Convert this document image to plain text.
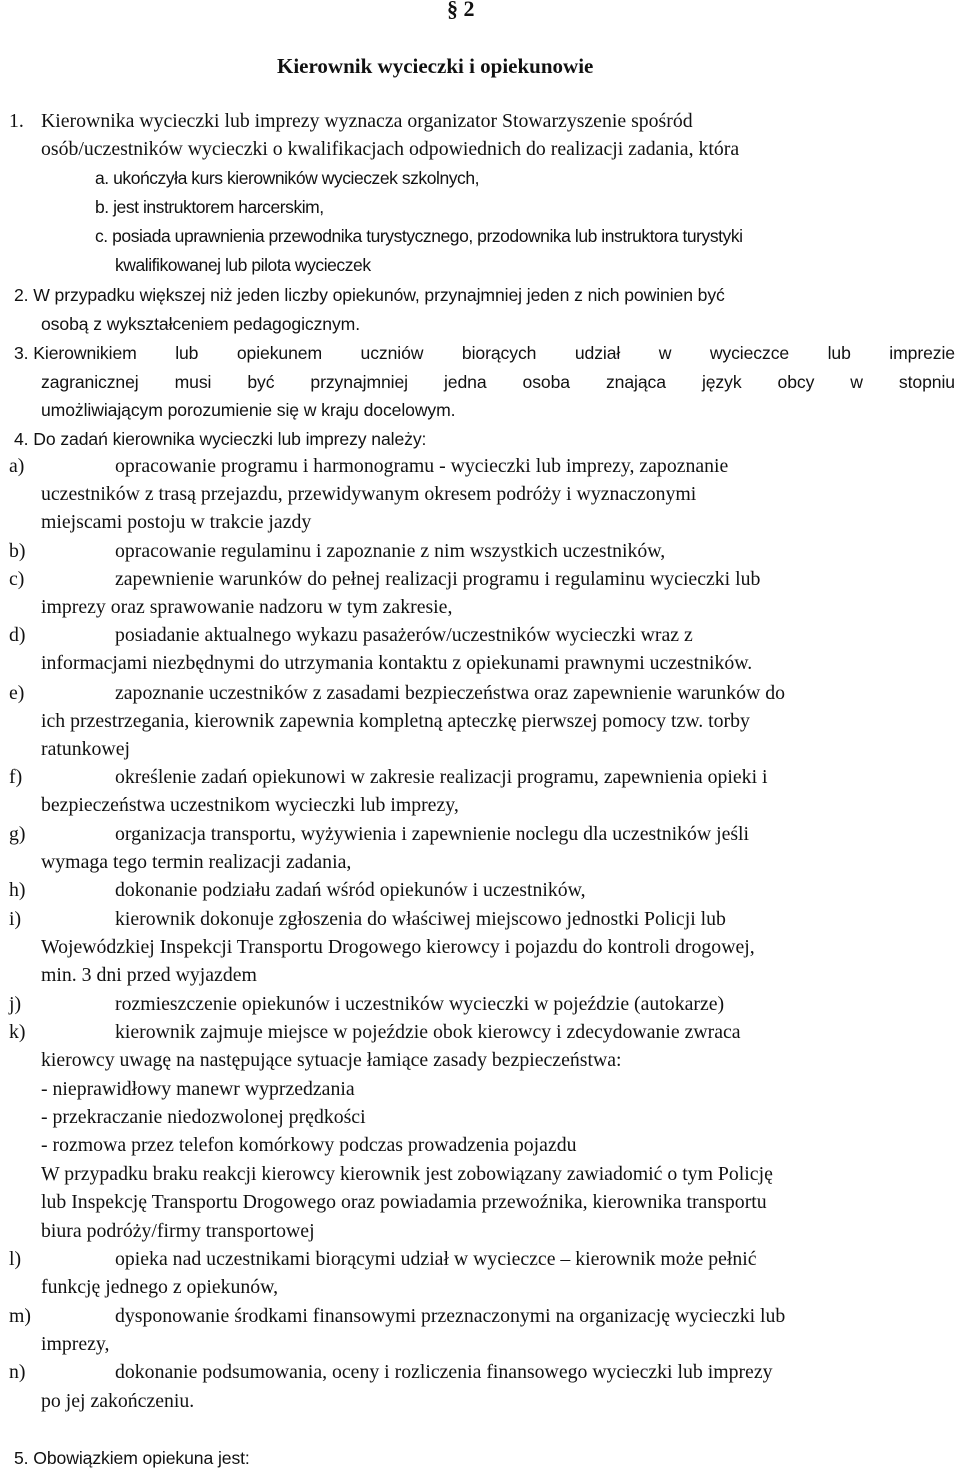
§ 2
Kierownik wycieczki i opiekunowie
1. Kierownika wycieczki lub imprezy wyznacza organizator Stowarzyszenie spośród
osób/uczestników wycieczki o kwalifikacjach odpowiednich do realizacji zadania, która
a. ukończyła kurs kierowników wycieczek szkolnych,
b. jest instruktorem harcerskim,
c. posiada uprawnienia przewodnika turystycznego, przodownika lub instruktora turystyki
kwalifikowanej lub pilota wycieczek
2. W przypadku większej niż jeden liczby opiekunów, przynajmniej jeden z nich powinien być
osobą z wykształceniem pedagogicznym.
3. Kierownikiem lub opiekunem uczniów biorących udział w wycieczce lub imprezie
zagranicznej musi być przynajmniej jedna osoba znająca język obcy w stopniu
umożliwiającym porozumienie się w kraju docelowym.
4. Do zadań kierownika wycieczki lub imprezy należy:
a)	opracowanie programu i harmonogramu - wycieczki lub imprezy, zapoznanie
uczestników z trasą przejazdu, przewidywanym okresem podróży i wyznaczonymi
miejscami postoju w trakcie jazdy
b)	opracowanie regulaminu i zapoznanie z nim wszystkich uczestników,
c)	zapewnienie warunków do pełnej realizacji programu i regulaminu wycieczki lub
imprezy oraz sprawowanie nadzoru w tym zakresie,
d)	posiadanie aktualnego wykazu pasażerów/uczestników wycieczki wraz z
informacjami niezbędnymi do utrzymania kontaktu z opiekunami prawnymi uczestników.
e)	zapoznanie uczestników z zasadami bezpieczeństwa oraz zapewnienie warunków do
ich przestrzegania, kierownik zapewnia kompletną apteczkę pierwszej pomocy tzw. torby
ratunkowej
f)	określenie zadań opiekunowi w zakresie realizacji programu, zapewnienia opieki i
bezpieczeństwa uczestnikom wycieczki lub imprezy,
g)	organizacja transportu, wyżywienia i zapewnienie noclegu dla uczestników jeśli
wymaga tego termin realizacji zadania,
h)	dokonanie podziału zadań wśród opiekunów i uczestników,
i)	kierownik dokonuje zgłoszenia do właściwej miejscowo jednostki Policji lub
Wojewódzkiej Inspekcji Transportu Drogowego kierowcy i pojazdu do kontroli drogowej,
min. 3 dni przed wyjazdem
j)	rozmieszczenie opiekunów i uczestników wycieczki w pojeździe (autokarze)
k)	kierownik zajmuje miejsce w pojeździe obok kierowcy i zdecydowanie zwraca
kierowcy uwagę na następujące sytuacje łamiące zasady bezpieczeństwa:
- nieprawidłowy manewr wyprzedzania
- przekraczanie niedozwolonej prędkości
- rozmowa przez telefon komórkowy podczas prowadzenia pojazdu
W przypadku braku reakcji kierowcy kierownik jest zobowiązany zawiadomić o tym Policję
lub Inspekcję Transportu Drogowego oraz powiadamia przewoźnika, kierownika transportu
biura podróży/firmy transportowej
l)	opieka nad uczestnikami biorącymi udział w wycieczce – kierownik może pełnić
funkcję jednego z opiekunów,
m)	dysponowanie środkami finansowymi przeznaczonymi na organizację wycieczki lub
imprezy,
n)	dokonanie podsumowania, oceny i rozliczenia finansowego wycieczki lub imprezy
po jej zakończeniu.
5. Obowiązkiem opiekuna jest:
